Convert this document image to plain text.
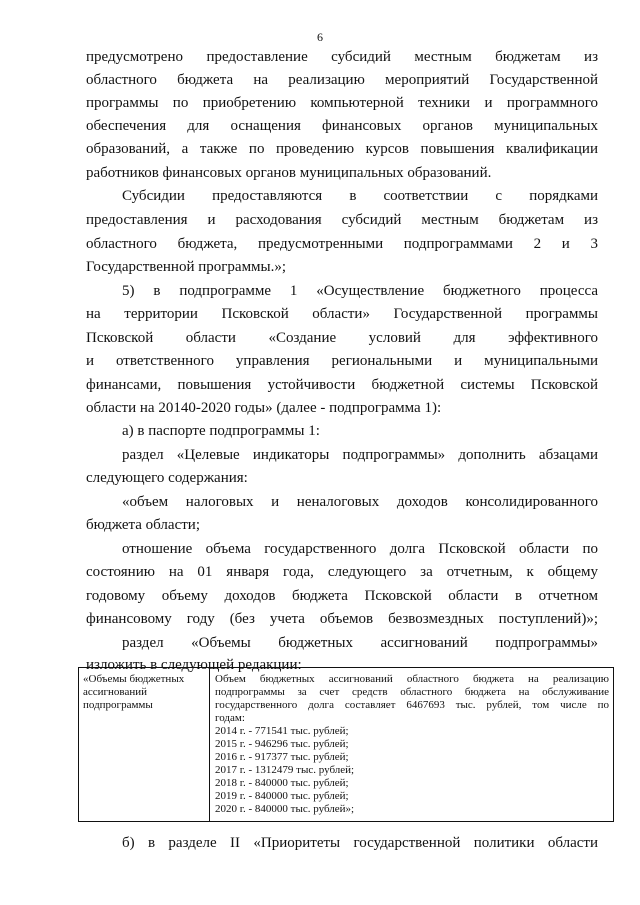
6
предусмотрено предоставление субсидий местным бюджетам из
областного бюджета на реализацию мероприятий Государственной
программы по приобретению компьютерной техники и программного
обеспечения для оснащения финансовых органов муниципальных
образований, а также по проведению курсов повышения квалификации
работников финансовых органов муниципальных образований.
Субсидии предоставляются в соответствии с порядками
предоставления и расходования субсидий местным бюджетам из
областного бюджета, предусмотренными подпрограммами 2 и 3
Государственной программы.»;
5) в подпрограмме 1 «Осуществление бюджетного процесса
на территории Псковской области» Государственной программы
Псковской области «Создание условий для эффективного
и ответственного управления региональными и муниципальными
финансами, повышения устойчивости бюджетной системы Псковской
области на 20140-2020 годы» (далее - подпрограмма 1):
а) в паспорте подпрограммы 1:
раздел «Целевые индикаторы подпрограммы» дополнить абзацами
следующего содержания:
«объем налоговых и неналоговых доходов консолидированного
бюджета области;
отношение объема государственного долга Псковской области по
состоянию на 01 января года, следующего за отчетным, к общему
годовому объему доходов бюджета Псковской области в отчетном
финансовому году (без учета объемов безвозмездных поступлений)»;
раздел «Объемы бюджетных ассигнований подпрограммы»
изложить в следующей редакции:
«Объемы бюджетных
ассигнований
подпрограммы
Объем бюджетных ассигнований областного бюджета на реализацию
подпрограммы за счет средств областного бюджета на обслуживание
государственного долга составляет 6467693 тыс. рублей, том числе по
годам:
2014 г. - 771541 тыс. рублей;
2015 г. - 946296 тыс. рублей;
2016 г. - 917377 тыс. рублей;
2017 г. - 1312479 тыс. рублей;
2018 г. - 840000 тыс. рублей;
2019 г. - 840000 тыс. рублей;
2020 г. - 840000 тыс. рублей»;
б) в разделе II «Приоритеты государственной политики области
